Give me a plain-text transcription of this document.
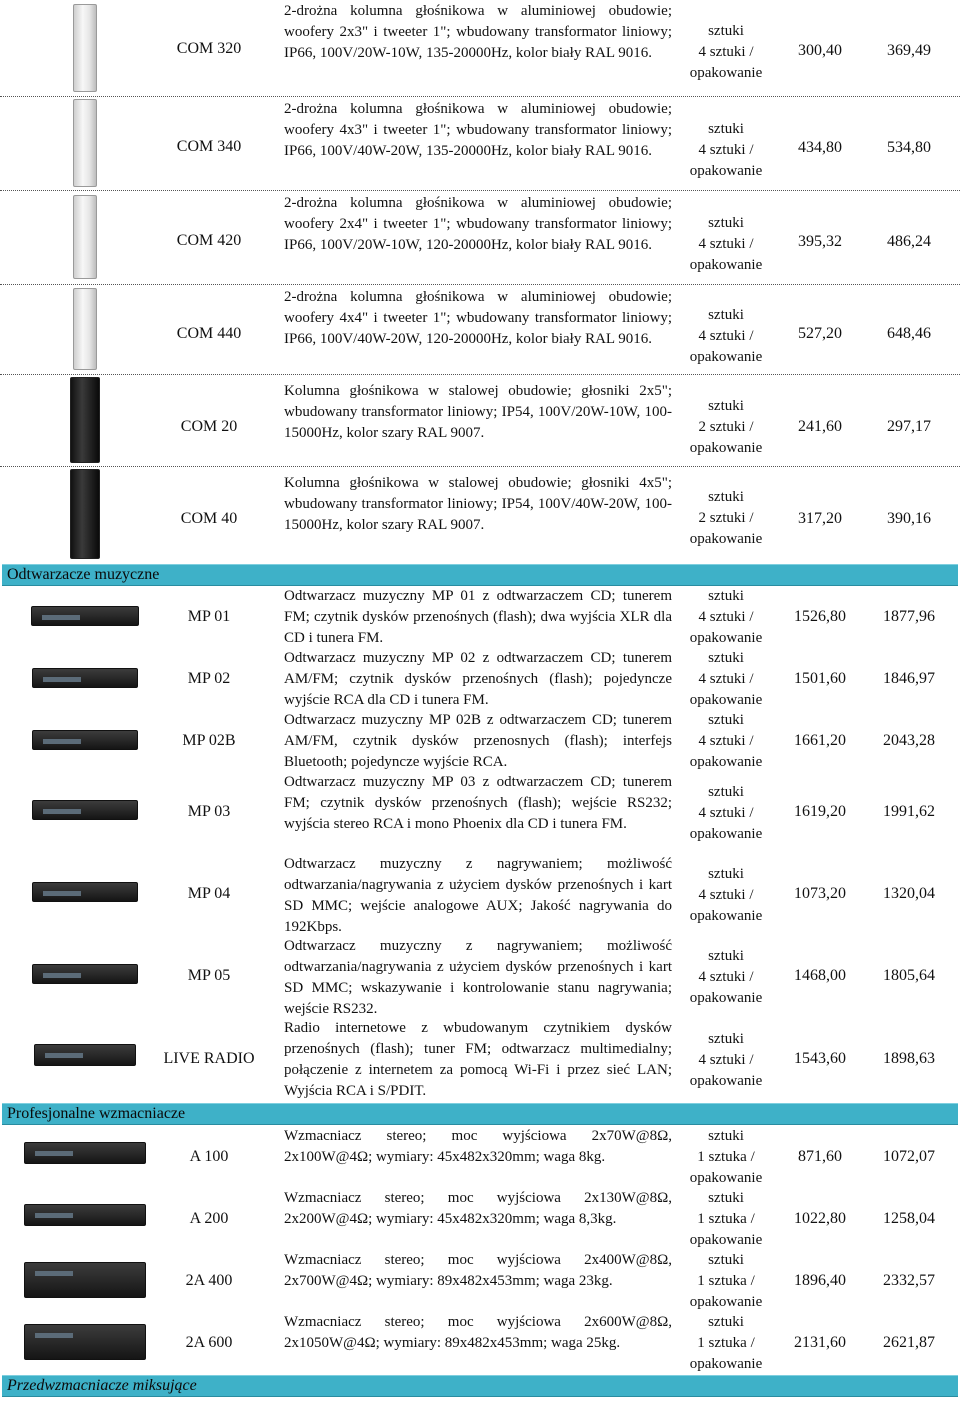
COM 320
2-drożna kolumna głośnikowa w aluminiowej obudowie; woofery 2x3" i tweeter 1"; wbudowany transformator liniowy; IP66, 100V/20W-10W, 135-20000Hz, kolor biały RAL 9016.
sztuki
4 sztuki /
opakowanie
300,40	369,49
COM 340
2-drożna kolumna głośnikowa w aluminiowej obudowie; woofery 4x3" i tweeter 1"; wbudowany transformator liniowy; IP66, 100V/40W-20W, 135-20000Hz, kolor biały RAL 9016.
sztuki
4 sztuki /
opakowanie
434,80	534,80
COM 420
2-drożna kolumna głośnikowa w aluminiowej obudowie; woofery 2x4" i tweeter 1"; wbudowany transformator liniowy; IP66, 100V/20W-10W, 120-20000Hz, kolor biały RAL 9016.
sztuki
4 sztuki /
opakowanie
395,32	486,24
COM 440
2-drożna kolumna głośnikowa w aluminiowej obudowie; woofery 4x4" i tweeter 1"; wbudowany transformator liniowy; IP66, 100V/40W-20W, 120-20000Hz, kolor biały RAL 9016.
sztuki
4 sztuki /
opakowanie
527,20	648,46
COM 20
Kolumna głośnikowa w stalowej obudowie; głosniki 2x5"; wbudowany transformator liniowy; IP54, 100V/20W-10W, 100-15000Hz, kolor szary RAL 9007.
sztuki
2 sztuki /
opakowanie
241,60	297,17
COM 40
Kolumna głośnikowa w stalowej obudowie; głosniki 4x5"; wbudowany transformator liniowy; IP54, 100V/40W-20W, 100-15000Hz, kolor szary RAL 9007.
sztuki
2 sztuki /
opakowanie
317,20	390,16
Odtwarzacze muzyczne
MP 01
Odtwarzacz muzyczny MP 01 z odtwarzaczem CD; tunerem FM; czytnik dysków przenośnych (flash); dwa wyjścia XLR dla CD i tunera FM.
sztuki
4 sztuki /
opakowanie
1526,80	1877,96
MP 02
Odtwarzacz muzyczny MP 02 z odtwarzaczem CD; tunerem AM/FM; czytnik dysków przenośnych (flash); pojedyncze wyjście RCA dla CD i tunera FM.
sztuki
4 sztuki /
opakowanie
1501,60	1846,97
MP 02B
Odtwarzacz muzyczny MP 02B z odtwarzaczem CD; tunerem AM/FM, czytnik dysków przenosnych (flash); interfejs Bluetooth; pojedyncze wyjście RCA.
sztuki
4 sztuki /
opakowanie
1661,20	2043,28
MP 03
Odtwarzacz muzyczny MP 03 z odtwarzaczem CD; tunerem FM; czytnik dysków przenośnych (flash); wejście RS232; wyjścia stereo RCA i mono Phoenix dla CD i tunera FM.
sztuki
4 sztuki /
opakowanie
1619,20	1991,62
MP 04
Odtwarzacz muzyczny z nagrywaniem; możliwość odtwarzania/nagrywania z użyciem dysków przenośnych i kart SD MMC; wejście analogowe AUX; Jakość nagrywania do 192Kbps.
sztuki
4 sztuki /
opakowanie
1073,20	1320,04
MP 05
Odtwarzacz muzyczny z nagrywaniem; możliwość odtwarzania/nagrywania z użyciem dysków przenośnych i kart SD MMC; wskazywanie i kontrolowanie stanu nagrywania; wejście RS232.
sztuki
4 sztuki /
opakowanie
1468,00	1805,64
LIVE RADIO
Radio internetowe z wbudowanym czytnikiem dysków przenośnych (flash); tuner FM; odtwarzacz multimedialny; połączenie z internetem za pomocą Wi-Fi i przez sieć LAN; Wyjścia RCA i S/PDIT.
sztuki
4 sztuki /
opakowanie
1543,60	1898,63
Profesjonalne wzmacniacze
A 100
Wzmacniacz stereo; moc wyjściowa 2x70W@8Ω, 2x100W@4Ω; wymiary: 45x482x320mm; waga 8kg.
sztuki
1 sztuka /
opakowanie
871,60	1072,07
A 200
Wzmacniacz stereo; moc wyjściowa 2x130W@8Ω, 2x200W@4Ω; wymiary: 45x482x320mm; waga 8,3kg.
sztuki
1 sztuka /
opakowanie
1022,80	1258,04
2A 400
Wzmacniacz stereo; moc wyjściowa 2x400W@8Ω, 2x700W@4Ω; wymiary: 89x482x453mm; waga 23kg.
sztuki
1 sztuka /
opakowanie
1896,40	2332,57
2A 600
Wzmacniacz stereo; moc wyjściowa 2x600W@8Ω, 2x1050W@4Ω; wymiary: 89x482x453mm; waga 25kg.
sztuki
1 sztuka /
opakowanie
2131,60	2621,87
Przedwzmacniacze miksujące
